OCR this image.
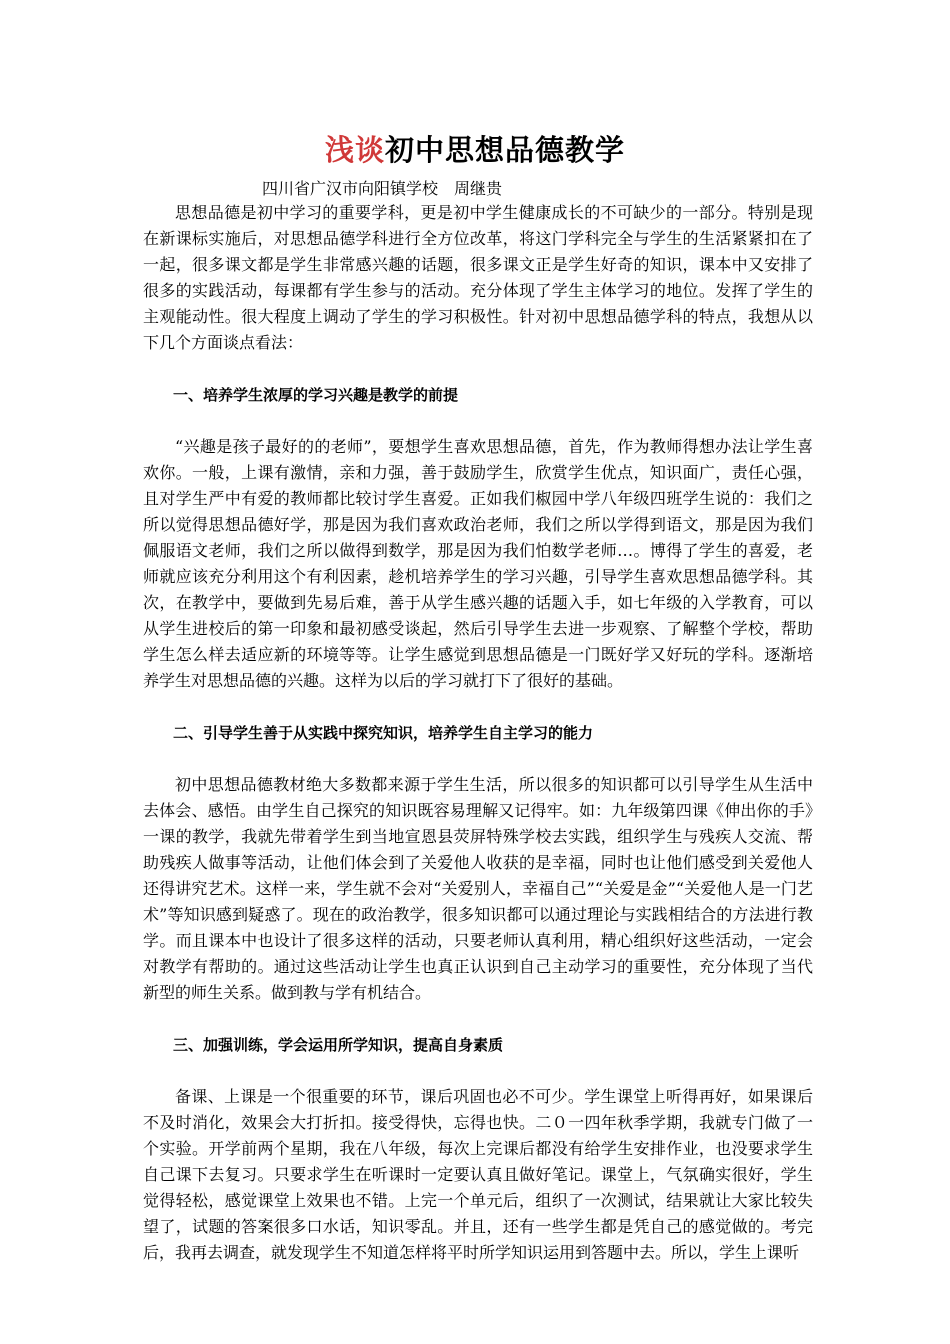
浅谈初中思想品德教学
四川省广汉市向阳镇学校　周继贵

思想品德是初中学习的重要学科，更是初中学生健康成长的不可缺少的一部分。特别是现在新课标实施后，对思想品德学科进行全方位改革，将这门学科完全与学生的生活紧紧扣在了一起，很多课文都是学生非常感兴趣的话题，很多课文正是学生好奇的知识，课本中又安排了很多的实践活动，每课都有学生参与的活动。充分体现了学生主体学习的地位。发挥了学生的主观能动性。很大程度上调动了学生的学习积极性。针对初中思想品德学科的特点，我想从以下几个方面谈点看法：

一、培养学生浓厚的学习兴趣是教学的前提

“兴趣是孩子最好的的老师”，要想学生喜欢思想品德，首先，作为教师得想办法让学生喜欢你。一般，上课有激情，亲和力强，善于鼓励学生，欣赏学生优点，知识面广，责任心强，且对学生严中有爱的教师都比较讨学生喜爱。正如我们椒园中学八年级四班学生说的：我们之所以觉得思想品德好学，那是因为我们喜欢政治老师，我们之所以学得到语文，那是因为我们佩服语文老师，我们之所以做得到数学，那是因为我们怕数学老师…。博得了学生的喜爱，老师就应该充分利用这个有利因素，趁机培养学生的学习兴趣，引导学生喜欢思想品德学科。其次，在教学中，要做到先易后难，善于从学生感兴趣的话题入手，如七年级的入学教育，可以从学生进校后的第一印象和最初感受谈起，然后引导学生去进一步观察、了解整个学校，帮助学生怎么样去适应新的环境等等。让学生感觉到思想品德是一门既好学又好玩的学科。逐渐培养学生对思想品德的兴趣。这样为以后的学习就打下了很好的基础。

二、引导学生善于从实践中探究知识，培养学生自主学习的能力

初中思想品德教材绝大多数都来源于学生生活，所以很多的知识都可以引导学生从生活中去体会、感悟。由学生自己探究的知识既容易理解又记得牢。如：九年级第四课《伸出你的手》一课的教学，我就先带着学生到当地宣恩县荧屏特殊学校去实践，组织学生与残疾人交流、帮助残疾人做事等活动，让他们体会到了关爱他人收获的是幸福，同时也让他们感受到关爱他人还得讲究艺术。这样一来，学生就不会对“关爱别人，幸福自己”“关爱是金”“关爱他人是一门艺术”等知识感到疑惑了。现在的政治教学，很多知识都可以通过理论与实践相结合的方法进行教学。而且课本中也设计了很多这样的活动，只要老师认真利用，精心组织好这些活动，一定会对教学有帮助的。通过这些活动让学生也真正认识到自己主动学习的重要性，充分体现了当代新型的师生关系。做到教与学有机结合。

三、加强训练，学会运用所学知识，提高自身素质

备课、上课是一个很重要的环节，课后巩固也必不可少。学生课堂上听得再好，如果课后不及时消化，效果会大打折扣。接受得快，忘得也快。二０一四年秋季学期，我就专门做了一个实验。开学前两个星期，我在八年级，每次上完课后都没有给学生安排作业，也没要求学生自己课下去复习。只要求学生在听课时一定要认真且做好笔记。课堂上，气氛确实很好，学生觉得轻松，感觉课堂上效果也不错。上完一个单元后，组织了一次测试，结果就让大家比较失望了，试题的答案很多口水话，知识零乱。并且，还有一些学生都是凭自己的感觉做的。考完后，我再去调查，就发现学生不知道怎样将平时所学知识运用到答题中去。所以，学生上课听
